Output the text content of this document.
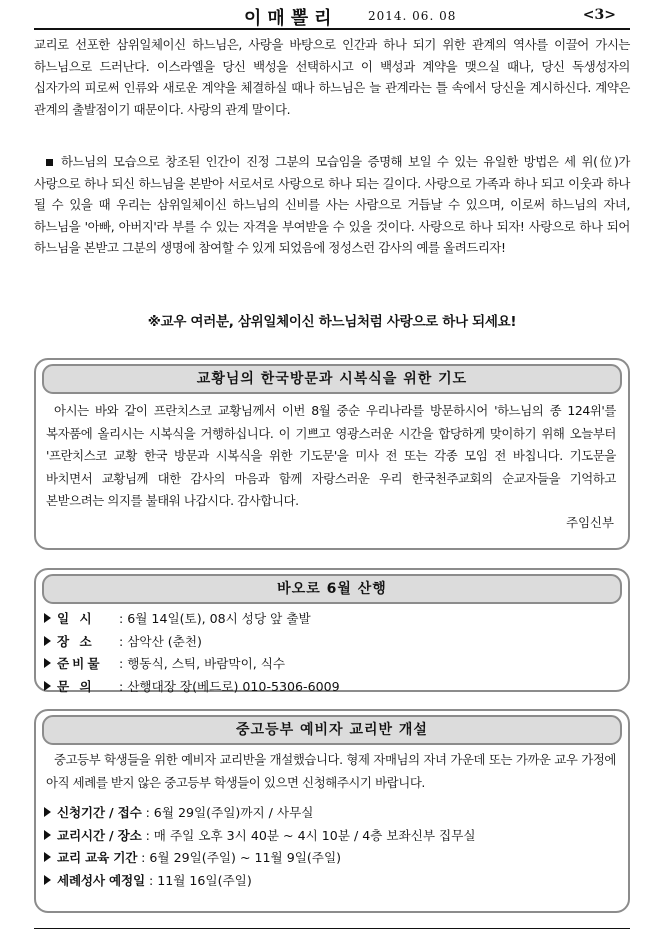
이매뽈리	2014. 06. 08	<3>
교리로 선포한 삼위일체이신 하느님은, 사랑을 바탕으로 인간과 하나 되기 위한 관계의 역사를 이끌어 가시는 하느님으로 드러난다. 이스라엘을 당신 백성을 선택하시고 이 백성과 계약을 맺으실 때나, 당신 독생성자의 십자가의 피로써 인류와 새로운 계약을 체결하실 때나 하느님은 늘 관계라는 틀 속에서 당신을 계시하신다. 계약은 관계의 출발점이기 때문이다. 사랑의 관계 말이다.
하느님의 모습으로 창조된 인간이 진정 그분의 모습임을 증명해 보일 수 있는 유일한 방법은 세 위(位)가 사랑으로 하나 되신 하느님을 본받아 서로서로 사랑으로 하나 되는 길이다. 사랑으로 가족과 하나 되고 이웃과 하나 될 수 있을 때 우리는 삼위일체이신 하느님의 신비를 사는 사람으로 거듭날 수 있으며, 이로써 하느님의 자녀, 하느님을 '아빠, 아버지'라 부를 수 있는 자격을 부여받을 수 있을 것이다. 사랑으로 하나 되자! 사랑으로 하나 되어 하느님을 본받고 그분의 생명에 참여할 수 있게 되었음에 정성스런 감사의 예를 올려드리자!
※교우 여러분, 삼위일체이신 하느님처럼 사랑으로 하나 되세요!
교황님의 한국방문과 시복식을 위한 기도
아시는 바와 같이 프란치스코 교황님께서 이번 8월 중순 우리나라를 방문하시어 '하느님의 종 124위'를 복자품에 올리시는 시복식을 거행하십니다. 이 기쁘고 영광스러운 시간을 합당하게 맞이하기 위해 오늘부터 '프란치스코 교황 한국 방문과 시복식을 위한 기도문'을 미사 전 또는 각종 모임 전 바칩니다. 기도문을 바치면서 교황님께 대한 감사의 마음과 함께 자랑스러운 우리 한국천주교회의 순교자들을 기억하고 본받으려는 의지를 불태워 나갑시다. 감사합니다.
주임신부
바오로 6월 산행
일 시 : 6월 14일(토), 08시 성당 앞 출발
장 소 : 삼악산 (춘천)
준비물 : 행동식, 스틱, 바람막이, 식수
문 의 : 산행대장 장(베드로) 010-5306-6009
중고등부 예비자 교리반 개설
중고등부 학생들을 위한 예비자 교리반을 개설했습니다. 형제 자매님의 자녀 가운데 또는 가까운 교우 가정에 아직 세례를 받지 않은 중고등부 학생들이 있으면 신청해주시기 바랍니다.
신청기간 / 접수 : 6월 29일(주일)까지 / 사무실
교리시간 / 장소 : 매 주일 오후 3시 40분 ~ 4시 10분 / 4층 보좌신부 집무실
교리 교육 기간 : 6월 29일(주일) ~ 11월 9일(주일)
세례성사 예정일 : 11월 16일(주일)
